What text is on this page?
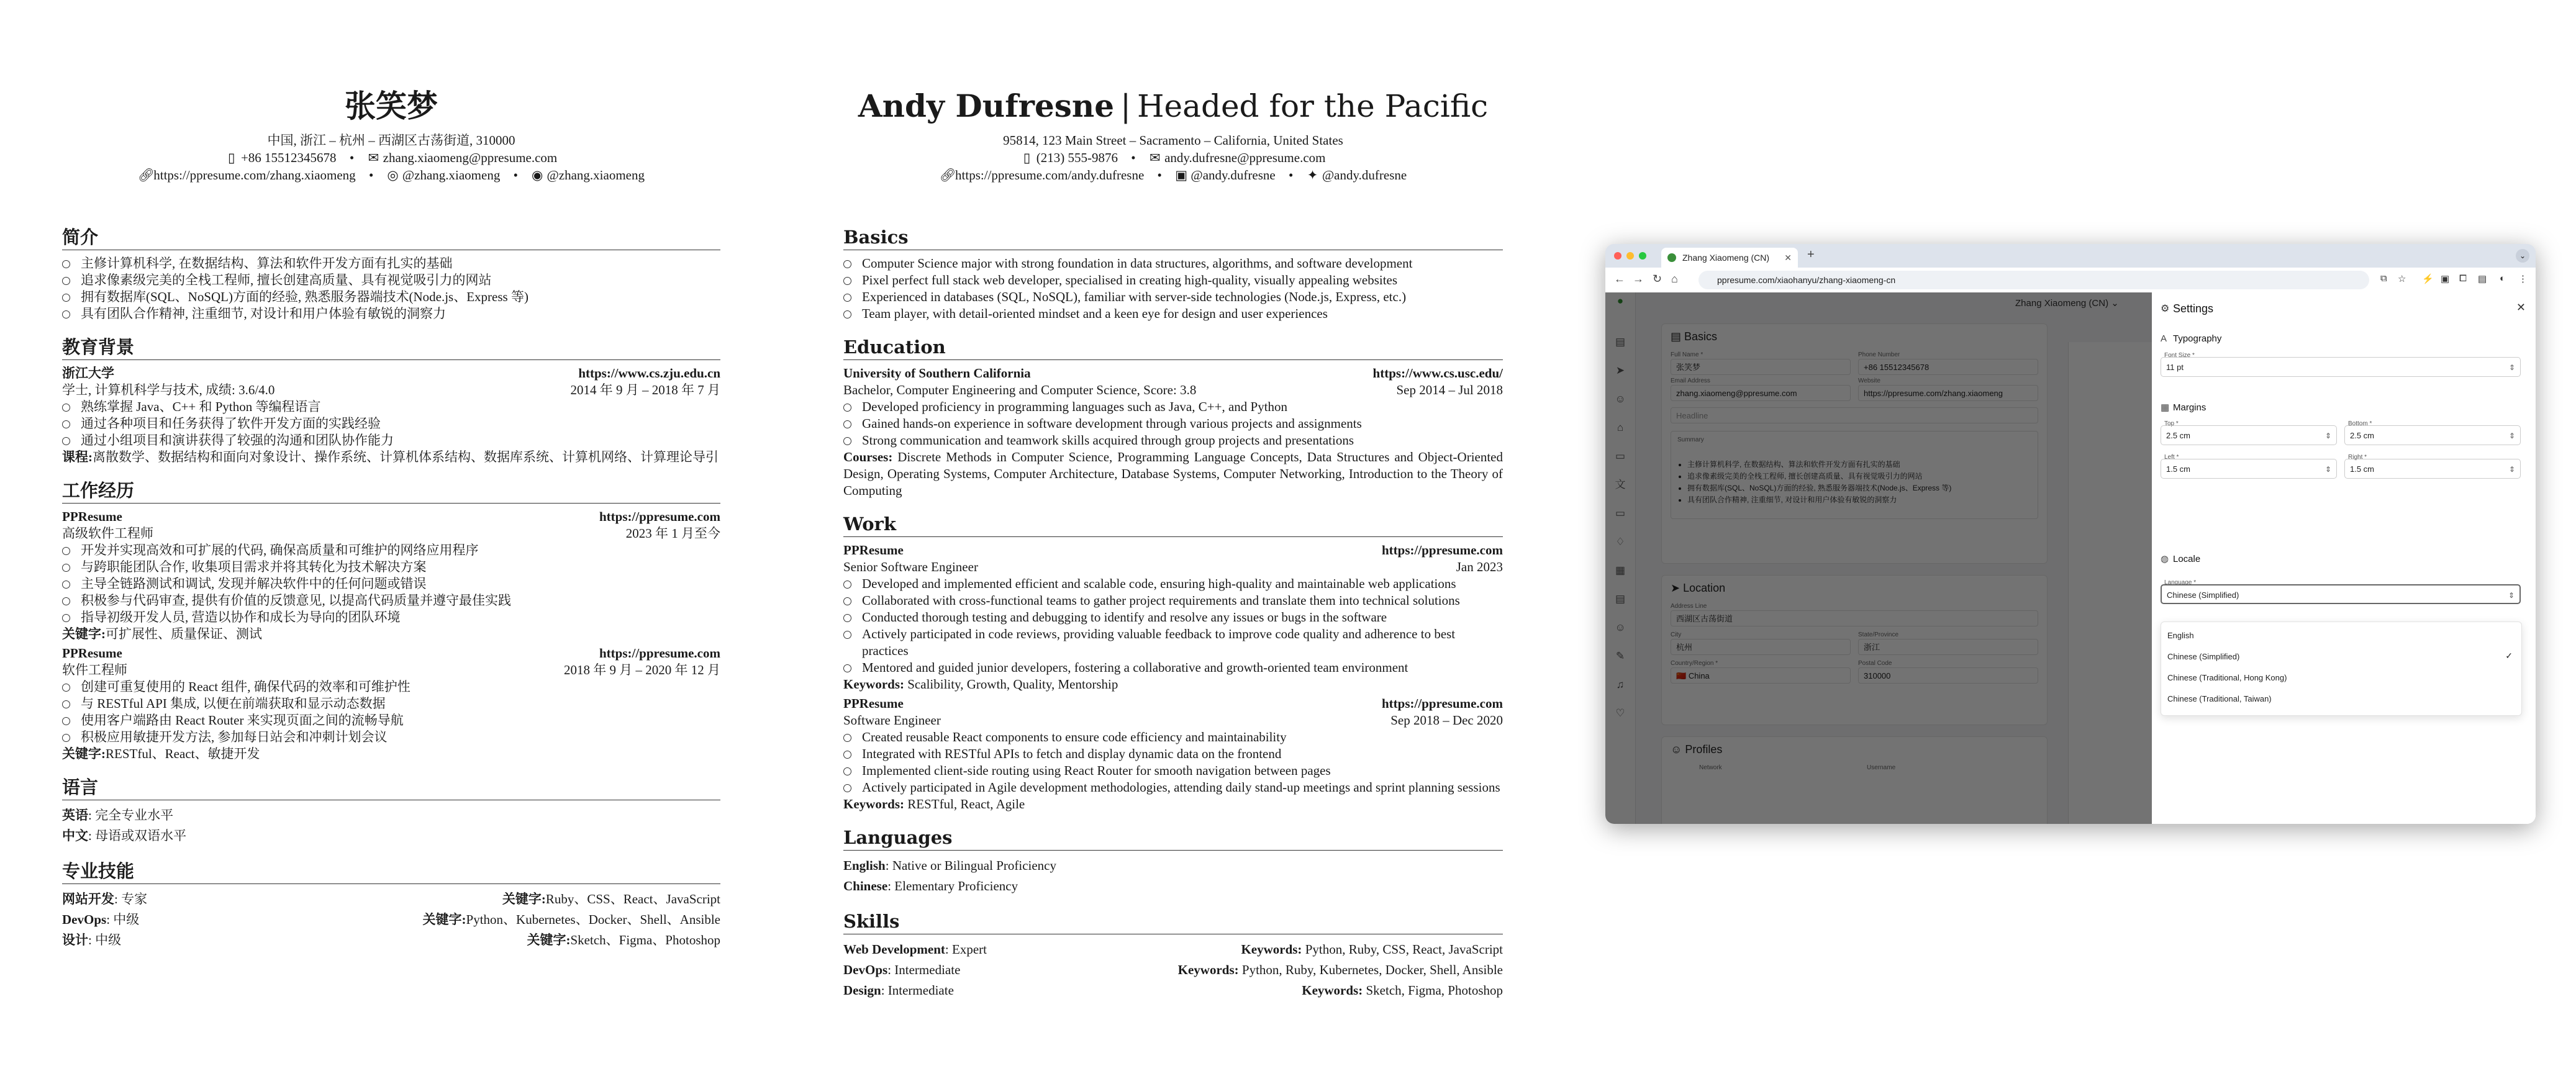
张笑梦

中国, 浙江 – 杭州 – 西湖区古荡街道, 310000

▯ +86 15512345678 • ✉ zhang.xiaomeng@ppresume.com

🔗︎ https://ppresume.com/zhang.xiaomeng • ◎ @zhang.xiaomeng • ◉ @zhang.xiaomeng

简介

主修计算机科学, 在数据结构、算法和软件开发方面有扎实的基础
追求像素级完美的全栈工程师, 擅长创建高质量、具有视觉吸引力的网站
拥有数据库(SQL、NoSQL)方面的经验, 熟悉服务器端技术(Node.js、Express 等)
具有团队合作精神, 注重细节, 对设计和用户体验有敏锐的洞察力

教育背景

浙江大学	https://www.cs.zju.edu.cn
学士, 计算机科学与技术, 成绩: 3.6/4.0	2014 年 9 月 – 2018 年 7 月
熟练掌握 Java、C++ 和 Python 等编程语言
通过各种项目和任务获得了软件开发方面的实践经验
通过小组项目和演讲获得了较强的沟通和团队协作能力
课程:离散数学、数据结构和面向对象设计、操作系统、计算机体系结构、数据库系统、计算机网络、计算理论导引

工作经历

PPResume	https://ppresume.com
高级软件工程师	2023 年 1 月至今
开发并实现高效和可扩展的代码, 确保高质量和可维护的网络应用程序
与跨职能团队合作, 收集项目需求并将其转化为技术解决方案
主导全链路测试和调试, 发现并解决软件中的任何问题或错误
积极参与代码审查, 提供有价值的反馈意见, 以提高代码质量并遵守最佳实践
指导初级开发人员, 营造以协作和成长为导向的团队环境
关键字:可扩展性、质量保证、测试
PPResume	https://ppresume.com
软件工程师	2018 年 9 月 – 2020 年 12 月
创建可重复使用的 React 组件, 确保代码的效率和可维护性
与 RESTful API 集成, 以便在前端获取和显示动态数据
使用客户端路由 React Router 来实现页面之间的流畅导航
积极应用敏捷开发方法, 参加每日站会和冲刺计划会议
关键字:RESTful、React、敏捷开发

语言

英语: 完全专业水平
中文: 母语或双语水平

专业技能

网站开发: 专家	关键字:Ruby、CSS、React、JavaScript
DevOps: 中级	关键字:Python、Kubernetes、Docker、Shell、Ansible
设计: 中级	关键字:Sketch、Figma、Photoshop

Andy Dufresne | Headed for the Pacific

95814, 123 Main Street – Sacramento – California, United States

▯ (213) 555-9876 • ✉ andy.dufresne@ppresume.com

🔗︎ https://ppresume.com/andy.dufresne • ▣ @andy.dufresne • ✦ @andy.dufresne

Basics

Computer Science major with strong foundation in data structures, algorithms, and software development
Pixel perfect full stack web developer, specialised in creating high-quality, visually appealing websites
Experienced in databases (SQL, NoSQL), familiar with server-side technologies (Node.js, Express, etc.)
Team player, with detail-oriented mindset and a keen eye for design and user experiences

Education

University of Southern California	https://www.cs.usc.edu/
Bachelor, Computer Engineering and Computer Science, Score: 3.8	Sep 2014 – Jul 2018
Developed proficiency in programming languages such as Java, C++, and Python
Gained hands-on experience in software development through various projects and assignments
Strong communication and teamwork skills acquired through group projects and presentations
Courses: Discrete Methods in Computer Science, Programming Language Concepts, Data Structures and Object-Oriented Design, Operating Systems, Computer Architecture, Database Systems, Computer Networking, Introduction to the Theory of Computing

Work

PPResume	https://ppresume.com
Senior Software Engineer	Jan 2023
Developed and implemented efficient and scalable code, ensuring high-quality and maintainable web applications
Collaborated with cross-functional teams to gather project requirements and translate them into technical solutions
Conducted thorough testing and debugging to identify and resolve any issues or bugs in the software
Actively participated in code reviews, providing valuable feedback to improve code quality and adherence to best practices
Mentored and guided junior developers, fostering a collaborative and growth-oriented team environment
Keywords: Scalibility, Growth, Quality, Mentorship
PPResume	https://ppresume.com
Software Engineer	Sep 2018 – Dec 2020
Created reusable React components to ensure code efficiency and maintainability
Integrated with RESTful APIs to fetch and display dynamic data on the frontend
Implemented client-side routing using React Router for smooth navigation between pages
Actively participated in Agile development methodologies, attending daily stand-up meetings and sprint planning sessions
Keywords: RESTful, React, Agile

Languages

English: Native or Bilingual Proficiency
Chinese: Elementary Proficiency

Skills

Web Development: Expert	Keywords: Python, Ruby, CSS, React, JavaScript
DevOps: Intermediate	Keywords: Python, Ruby, Kubernetes, Docker, Shell, Ansible
Design: Intermediate	Keywords: Sketch, Figma, Photoshop
Zhang Xiaomeng (CN) ✕ +	⌄
← → ↻ ⌂	ppresume.com/xiaohanyu/zhang-xiaomeng-cn	⧉ ☆ ⚡ ▣ ⧠ ▤ ◐ ⋮
•
•
•
•
⚙ Settings	✕
A Typography
Font Size *
11 pt	⇕
▦ Margins
Top *
2.5 cm	⇕
Bottom *
2.5 cm	⇕
Left *
1.5 cm	⇕
Right *
1.5 cm	⇕
◍ Locale
Language *
Chinese (Simplified)	⇕
English
Chinese (Simplified)	✓
Chinese (Traditional, Hong Kong)
Chinese (Traditional, Taiwan)
